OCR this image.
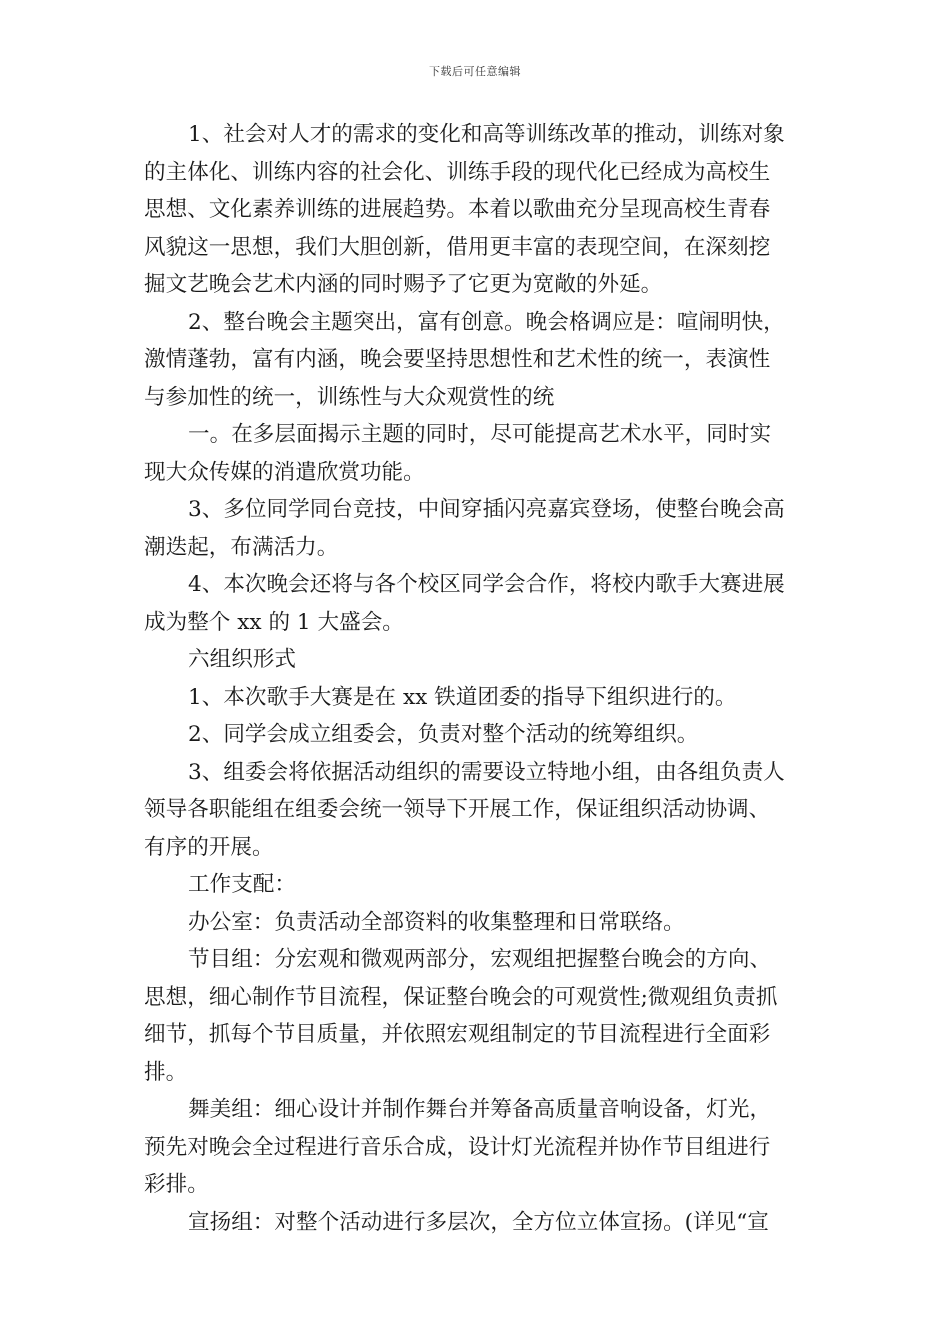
下载后可任意编辑

1、社会对人才的需求的变化和高等训练改革的推动，训练对象
的主体化、训练内容的社会化、训练手段的现代化已经成为高校生
思想、文化素养训练的进展趋势。本着以歌曲充分呈现高校生青春
风貌这一思想，我们大胆创新，借用更丰富的表现空间，在深刻挖
掘文艺晚会艺术内涵的同时赐予了它更为宽敞的外延。

2、整台晚会主题突出，富有创意。晚会格调应是：喧闹明快，
激情蓬勃，富有内涵，晚会要坚持思想性和艺术性的统一，表演性
与参加性的统一，训练性与大众观赏性的统

一。在多层面揭示主题的同时，尽可能提高艺术水平，同时实
现大众传媒的消遣欣赏功能。

3、多位同学同台竞技，中间穿插闪亮嘉宾登场，使整台晚会高
潮迭起，布满活力。

4、本次晚会还将与各个校区同学会合作，将校内歌手大赛进展
成为整个 xx 的 1 大盛会。

六组织形式

1、本次歌手大赛是在 xx 铁道团委的指导下组织进行的。

2、同学会成立组委会，负责对整个活动的统筹组织。

3、组委会将依据活动组织的需要设立特地小组，由各组负责人
领导各职能组在组委会统一领导下开展工作，保证组织活动协调、
有序的开展。

工作支配：

办公室：负责活动全部资料的收集整理和日常联络。

节目组：分宏观和微观两部分，宏观组把握整台晚会的方向、
思想，细心制作节目流程，保证整台晚会的可观赏性;微观组负责抓
细节，抓每个节目质量，并依照宏观组制定的节目流程进行全面彩
排。

舞美组：细心设计并制作舞台并筹备高质量音响设备，灯光，
预先对晚会全过程进行音乐合成，设计灯光流程并协作节目组进行
彩排。

宣扬组：对整个活动进行多层次，全方位立体宣扬。(详见“宣
